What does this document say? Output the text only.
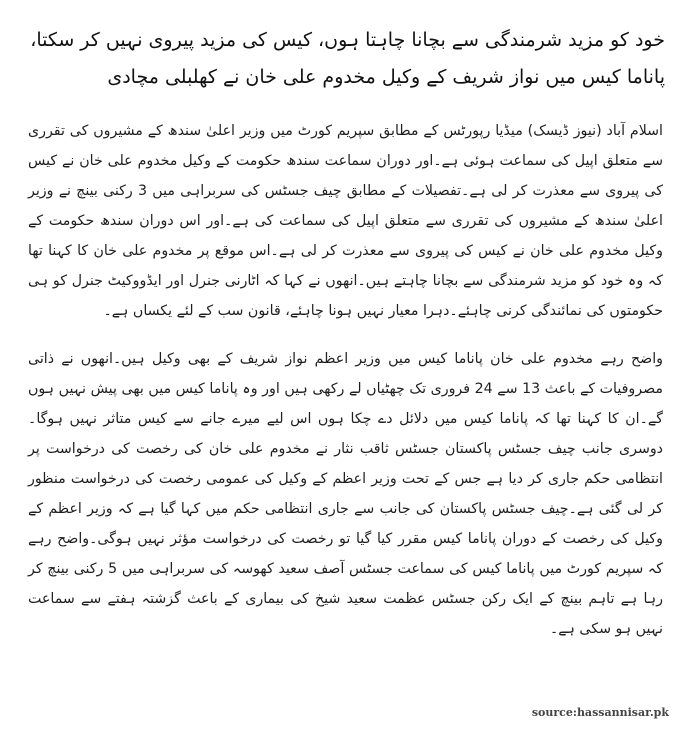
خود کو مزید شرمندگی سے بچانا چاہتا ہوں، کیس کی مزید پیروی نہیں کر سکتا، پاناما کیس میں نواز شریف کے وکیل مخدوم علی خان نے کھلبلی مچادی

اسلام آباد (نیوز ڈیسک) میڈیا رپورٹس کے مطابق سپریم کورٹ میں وزیر اعلیٰ سندھ کے مشیروں کی تقرری سے متعلق اپیل کی سماعت ہوئی ہے۔اور دوران سماعت سندھ حکومت کے وکیل مخدوم علی خان نے کیس کی پیروی سے معذرت کر لی ہے۔تفصیلات کے مطابق چیف جسٹس کی سربراہی میں 3 رکنی بینچ نے وزیر اعلیٰ سندھ کے مشیروں کی تقرری سے متعلق اپیل کی سماعت کی ہے۔اور اس دوران سندھ حکومت کے وکیل مخدوم علی خان نے کیس کی پیروی سے معذرت کر لی ہے۔اس موقع پر مخدوم علی خان کا کہنا تھا کہ وہ خود کو مزید شرمندگی سے بچانا چاہتے ہیں۔انھوں نے کہا کہ اٹارنی جنرل اور ایڈووکیٹ جنرل کو ہی حکومتوں کی نمائندگی کرنی چاہئے۔دہرا معیار نہیں ہونا چاہئے، قانون سب کے لئے یکساں ہے۔

واضح رہے مخدوم علی خان پاناما کیس میں وزیر اعظم نواز شریف کے بھی وکیل ہیں۔انھوں نے ذاتی مصروفیات کے باعث 13 سے 24 فروری تک چھٹیاں لے رکھی ہیں اور وہ پاناما کیس میں بھی پیش نہیں ہوں گے۔ان کا کہنا تھا کہ پاناما کیس میں دلائل دے چکا ہوں اس لیے میرے جانے سے کیس متاثر نہیں ہوگا۔دوسری جانب چیف جسٹس پاکستان جسٹس ثاقب نثار نے مخدوم علی خان کی رخصت کی درخواست پر انتظامی حکم جاری کر دیا ہے جس کے تحت وزیر اعظم کے وکیل کی عمومی رخصت کی درخواست منظور کر لی گئی ہے۔چیف جسٹس پاکستان کی جانب سے جاری انتظامی حکم میں کہا گیا ہے کہ وزیر اعظم کے وکیل کی رخصت کے دوران پاناما کیس مقرر کیا گیا تو رخصت کی درخواست مؤثر نہیں ہوگی۔واضح رہے کہ سپریم کورٹ میں پاناما کیس کی سماعت جسٹس آصف سعید کھوسہ کی سربراہی میں 5 رکنی بینچ کر رہا ہے تاہم بینچ کے ایک رکن جسٹس عظمت سعید شیخ کی بیماری کے باعث گزشتہ ہفتے سے سماعت نہیں ہو سکی ہے۔

source:hassannisar.pk
